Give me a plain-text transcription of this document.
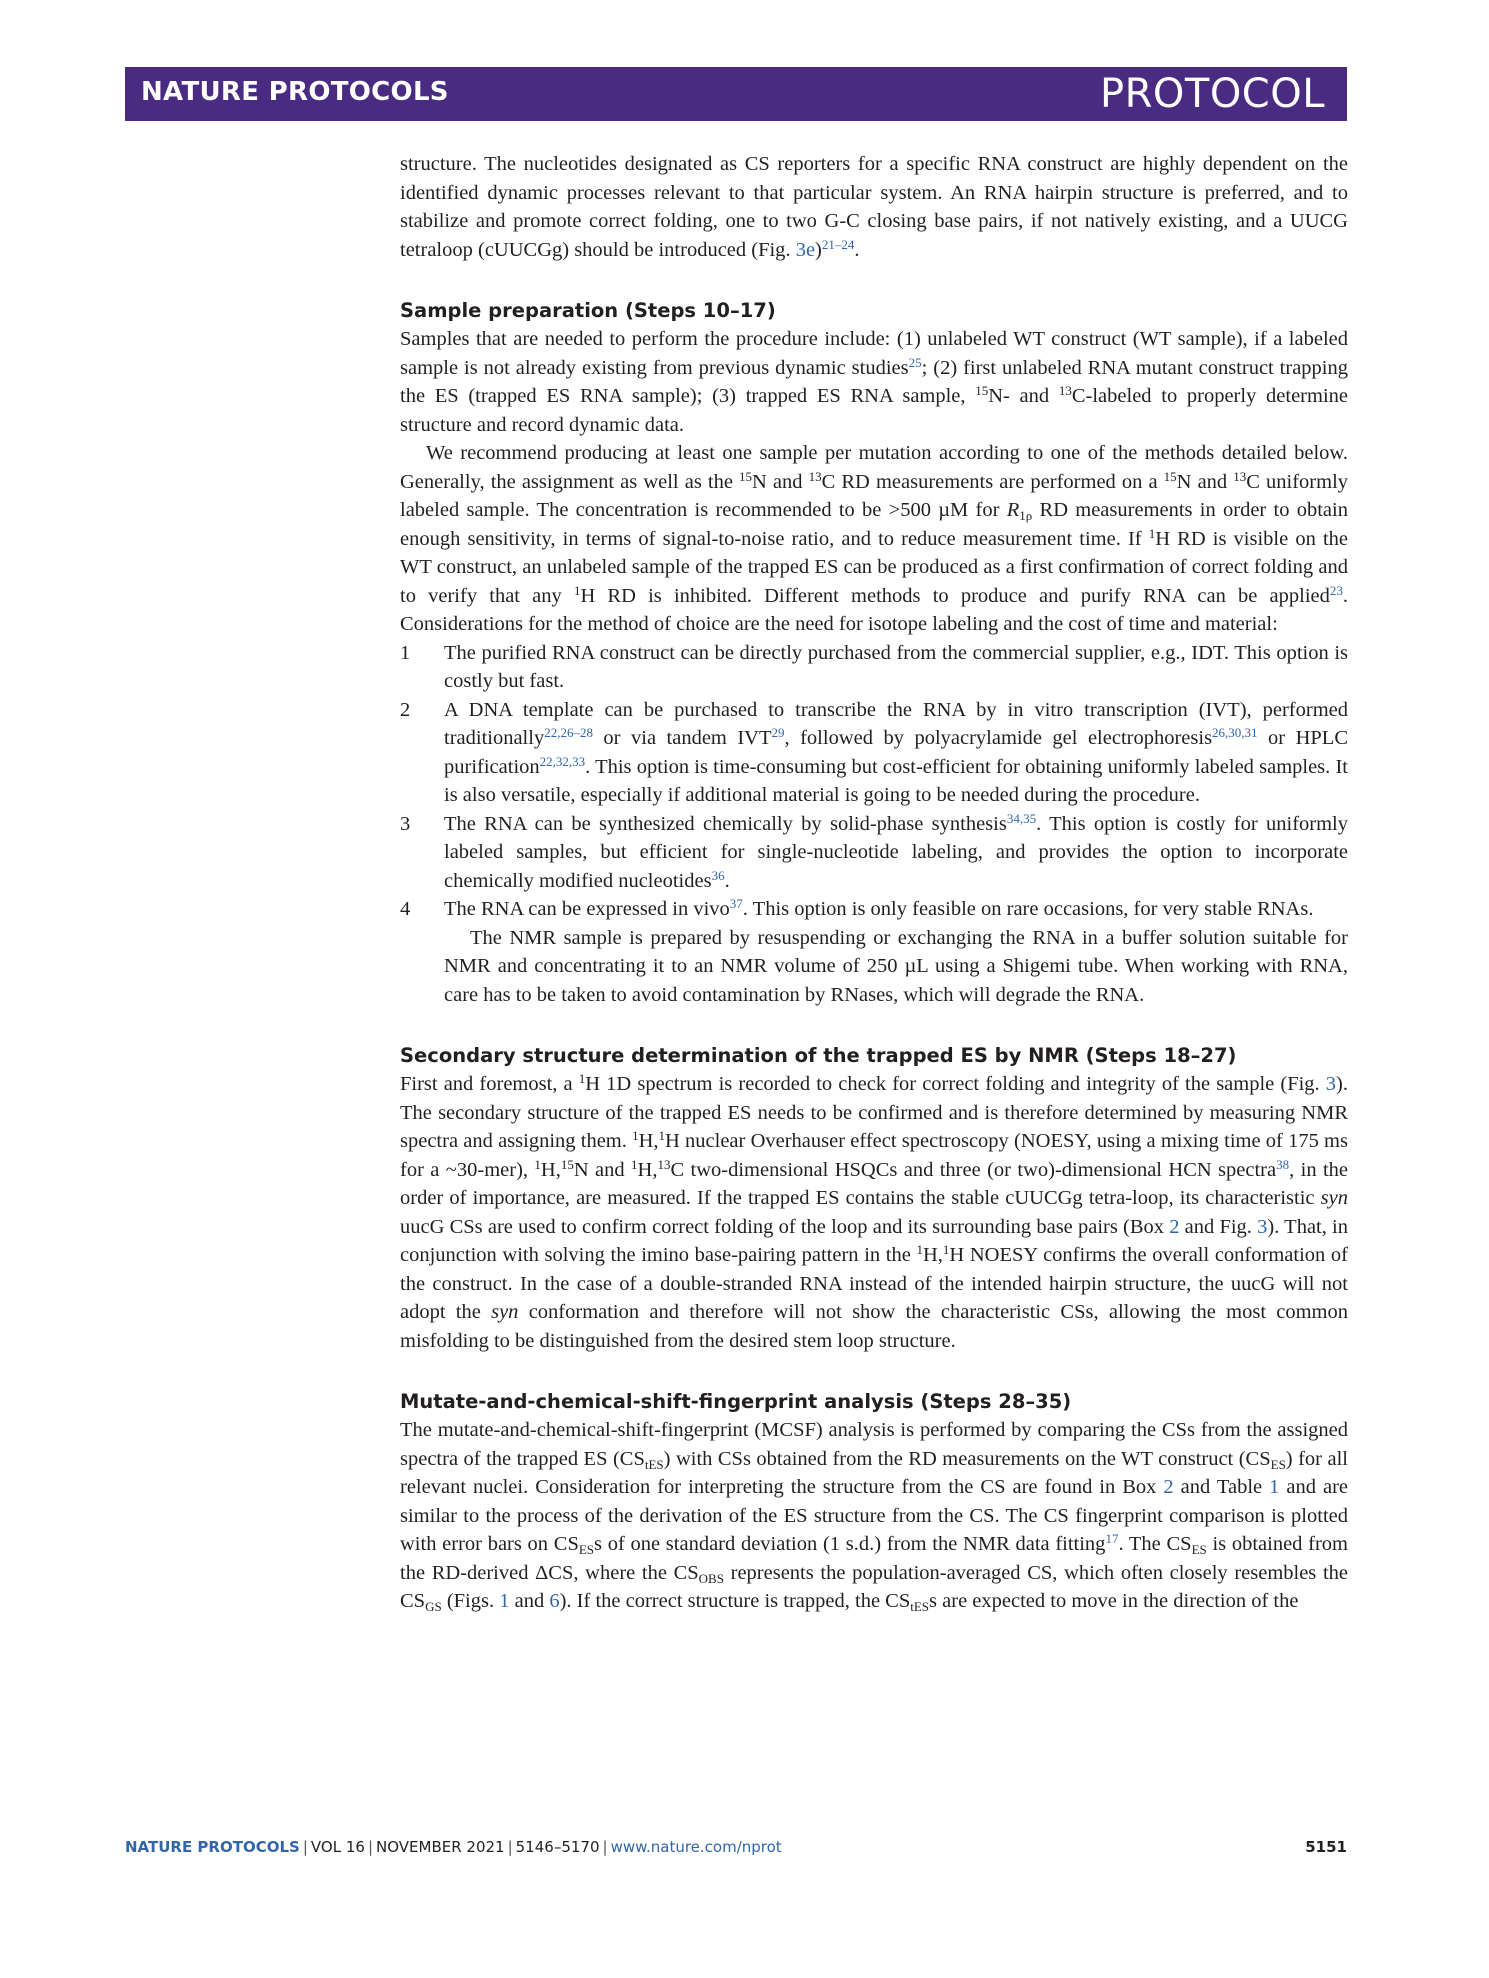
NATURE PROTOCOLS	PROTOCOL

structure. The nucleotides designated as CS reporters for a specific RNA construct are highly dependent on the identified dynamic processes relevant to that particular system. An RNA hairpin structure is preferred, and to stabilize and promote correct folding, one to two G-C closing base pairs, if not natively existing, and a UUCG tetraloop (cUUCGg) should be introduced (Fig. 3e)$^{21-24}$.

Sample preparation (Steps 10–17)

Samples that are needed to perform the procedure include: (1) unlabeled WT construct (WT sample), if a labeled sample is not already existing from previous dynamic studies$^{25}$; (2) first unlabeled RNA mutant construct trapping the ES (trapped ES RNA sample); (3) trapped ES RNA sample, $^{15}$N- and $^{13}$C-labeled to properly determine structure and record dynamic data.

We recommend producing at least one sample per mutation according to one of the methods detailed below. Generally, the assignment as well as the $^{15}$N and $^{13}$C RD measurements are performed on a $^{15}$N and $^{13}$C uniformly labeled sample. The concentration is recommended to be >500 µM for $R_{1\rho}$ RD measurements in order to obtain enough sensitivity, in terms of signal-to-noise ratio, and to reduce measurement time. If $^1$H RD is visible on the WT construct, an unlabeled sample of the trapped ES can be produced as a first confirmation of correct folding and to verify that any $^1$H RD is inhibited. Different methods to produce and purify RNA can be applied$^{23}$. Considerations for the method of choice are the need for isotope labeling and the cost of time and material:

1 The purified RNA construct can be directly purchased from the commercial supplier, e.g., IDT. This option is costly but fast.
2 A DNA template can be purchased to transcribe the RNA by in vitro transcription (IVT), performed traditionally$^{22,26-28}$ or via tandem IVT$^{29}$, followed by polyacrylamide gel electrophoresis$^{26,30,31}$ or HPLC purification$^{22,32,33}$. This option is time-consuming but cost-efficient for obtaining uniformly labeled samples. It is also versatile, especially if additional material is going to be needed during the procedure.
3 The RNA can be synthesized chemically by solid-phase synthesis$^{34,35}$. This option is costly for uniformly labeled samples, but efficient for single-nucleotide labeling, and provides the option to incorporate chemically modified nucleotides$^{36}$.
4 The RNA can be expressed in vivo$^{37}$. This option is only feasible on rare occasions, for very stable RNAs.

The NMR sample is prepared by resuspending or exchanging the RNA in a buffer solution suitable for NMR and concentrating it to an NMR volume of 250 µL using a Shigemi tube. When working with RNA, care has to be taken to avoid contamination by RNases, which will degrade the RNA.

Secondary structure determination of the trapped ES by NMR (Steps 18–27)

First and foremost, a $^1$H 1D spectrum is recorded to check for correct folding and integrity of the sample (Fig. 3). The secondary structure of the trapped ES needs to be confirmed and is therefore determined by measuring NMR spectra and assigning them. $^1$H,$^1$H nuclear Overhauser effect spectroscopy (NOESY, using a mixing time of 175 ms for a ~30-mer), $^1$H,$^{15}$N and $^1$H,$^{13}$C two-dimensional HSQCs and three (or two)-dimensional HCN spectra$^{38}$, in the order of importance, are measured. If the trapped ES contains the stable cUUCGg tetra-loop, its characteristic syn uucG CSs are used to confirm correct folding of the loop and its surrounding base pairs (Box 2 and Fig. 3). That, in conjunction with solving the imino base-pairing pattern in the $^1$H,$^1$H NOESY confirms the overall conformation of the construct. In the case of a double-stranded RNA instead of the intended hairpin structure, the uucG will not adopt the syn conformation and therefore will not show the characteristic CSs, allowing the most common misfolding to be distinguished from the desired stem loop structure.

Mutate-and-chemical-shift-fingerprint analysis (Steps 28–35)

The mutate-and-chemical-shift-fingerprint (MCSF) analysis is performed by comparing the CSs from the assigned spectra of the trapped ES $(CS_{tES})$ with CSs obtained from the RD measurements on the WT construct $(CS_{ES})$ for all relevant nuclei. Consideration for interpreting the structure from the CS are found in Box 2 and Table 1 and are similar to the process of the derivation of the ES structure from the CS. The CS fingerprint comparison is plotted with error bars on $CS_{ES}s$ of one standard deviation (1 s.d.) from the NMR data fitting$^{17}$. The $CS_{ES}$ is obtained from the RD-derived ΔCS, where the $CS_{OBS}$ represents the population-averaged CS, which often closely resembles the $CS_{GS}$ (Figs. 1 and 6). If the correct structure is trapped, the $CS_{tES}s$ are expected to move in the direction of the

NATURE PROTOCOLS | VOL 16 | NOVEMBER 2021 | 5146–5170 | www.nature.com/nprot	5151
